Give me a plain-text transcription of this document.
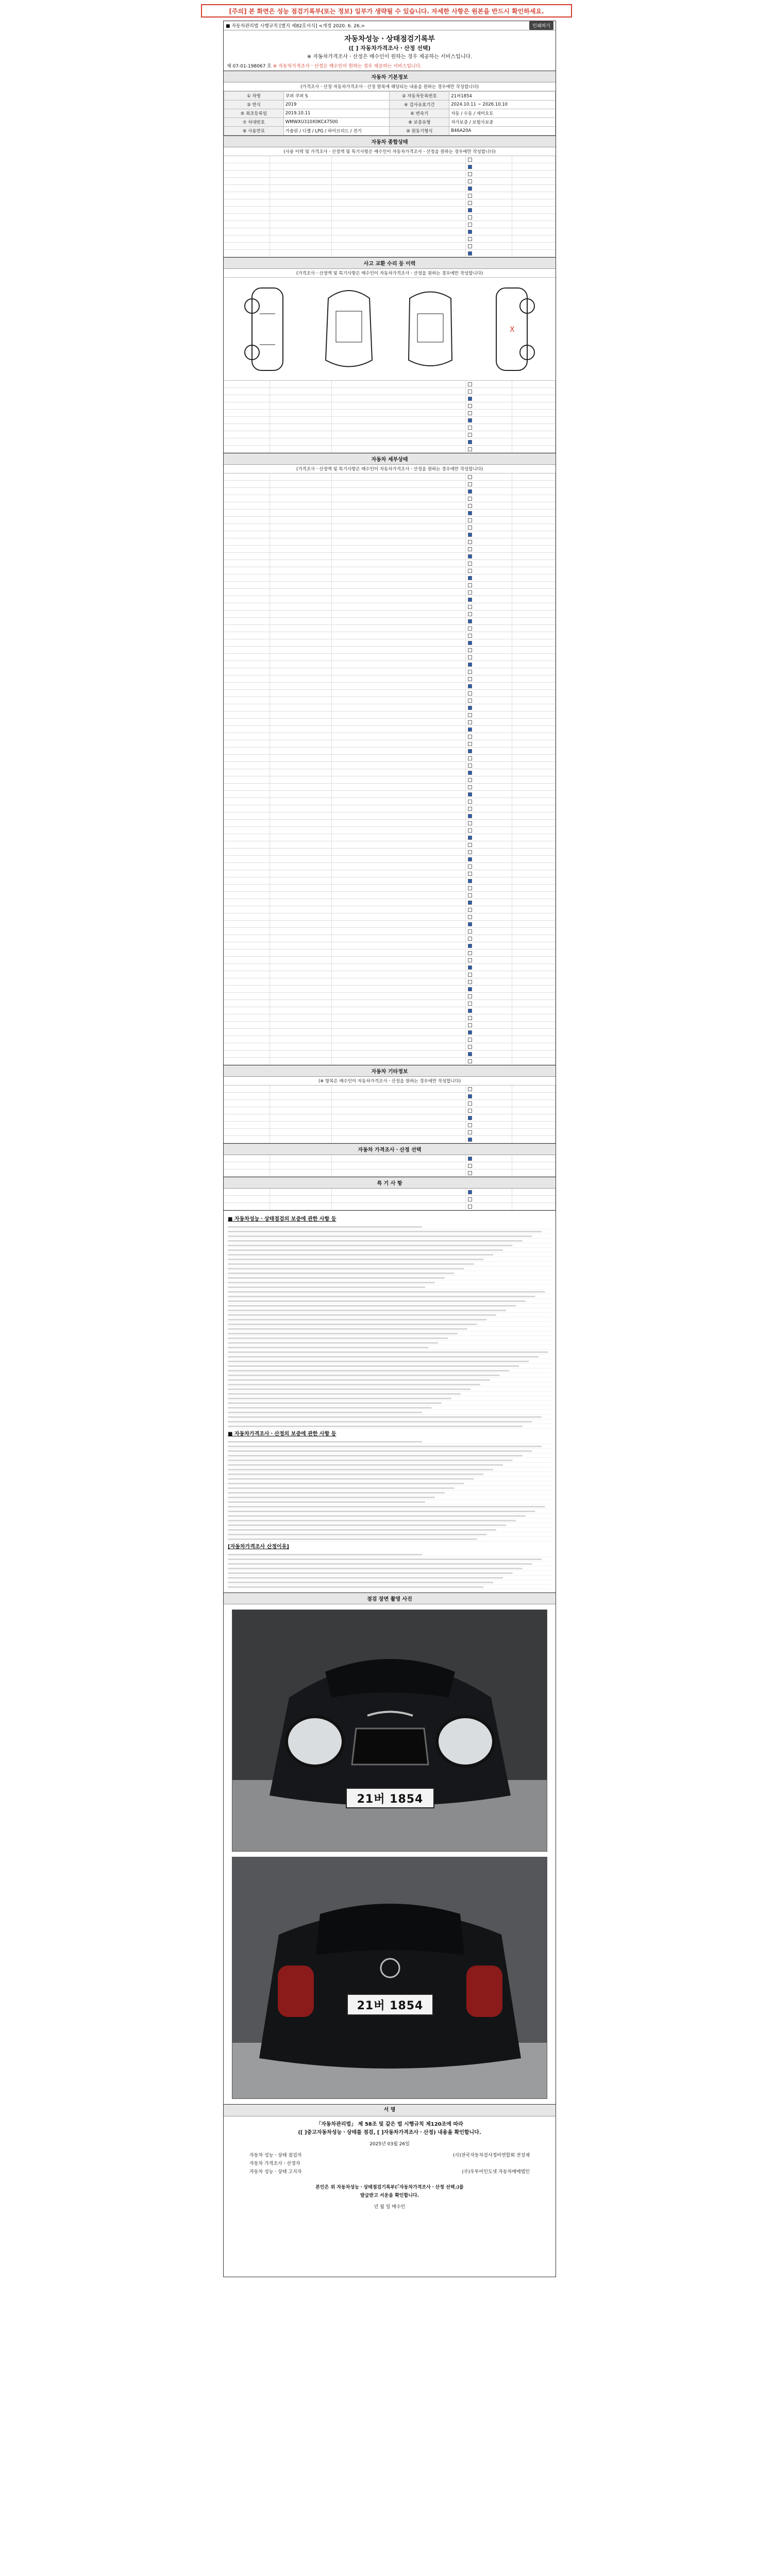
[주의] 본 화면은 성능 점검기록부(또는 정보) 일부가 생략될 수 있습니다. 자세한 사항은 원본을 반드시 확인하세요.
■ 자동차관리법 시행규칙 [별지 제82호서식] <개정 2020. 6. 26.>	인쇄하기
자동차성능ㆍ상태점검기록부
([ ] 자동차가격조사ㆍ산정 선택)
※ 자동차가격조사ㆍ산정은 매수인이 원하는 경우 제공하는 서비스입니다.
제 07-01-198067 호 ※ 자동차가격조사ㆍ산정은 매수인이 원하는 경우 제공하는 서비스입니다.
자동차 기본정보
(가격조사ㆍ산정 자동차가격조사ㆍ산정 항목에 해당되는 내용을 원하는 경우에만 작성합니다)
① 차명	쿠퍼 쿠퍼 S	② 자동차등록번호	21버1854
③ 연식	2019	④ 검사유효기간	2024.10.11 ~ 2026.10.10
⑤ 최초등록일	2019.10.11	⑥ 변속기	자동 / 수동 / 세미오토
⑦ 차대번호	WMWXU310X0KC47500	⑧ 보증유형	자가보증 / 보험사보증
⑨ 사용연료	가솔린 / 디젤 / LPG / 하이브리드 / 전기	⑩ 원동기형식	B46A20A
자동차 종합상태
(사용 이력 및 가격조사ㆍ산정액 및 특기사항은 매수인이 자동차가격조사ㆍ산정을 원하는 경우에만 작성합니다)
사고 교환 수리 등 이력
(가격조사ㆍ산정액 및 특기사항은 매수인이 자동차가격조사ㆍ산정을 원하는 경우에만 작성합니다)
X
자동차 세부상태
(가격조사ㆍ산정액 및 특기사항은 매수인이 자동차가격조사ㆍ산정을 원하는 경우에만 작성합니다)
자동차 기타정보
(※ 항목은 매수인이 자동차가격조사ㆍ산정을 원하는 경우에만 작성합니다)
자동차 가격조사ㆍ산정 선택
특 기 사 항
■ 자동차성능ㆍ상태점검의 보증에 관한 사항 등
■ 자동차가격조사ㆍ산정의 보증에 관한 사항 등
[자동차가격조사 산정이유]
점검 장면 촬영 사진
21버 1854
21버 1854
서 명
「자동차관리법」 제 58조 및 같은 법 시행규칙 제120조에 따라
([ ]중고자동차성능ㆍ상태를 점검, [ ]자동차가격조사ㆍ산정) 내용을 확인합니다.
2025년 03월 26일
자동차 성능ㆍ상태 점검자	(사)전국자동차검사정비연합회 전성재
자동차 가격조사ㆍ산정자
자동차 성능ㆍ상태 고지자	(주)우투비인도넷 자동차매매법인
본인은 위 자동차성능ㆍ상태점검기록부(「자동차가격조사ㆍ산정 선택」)를
발급받고 서운을 확인합니다.
년 월 일 매수인
